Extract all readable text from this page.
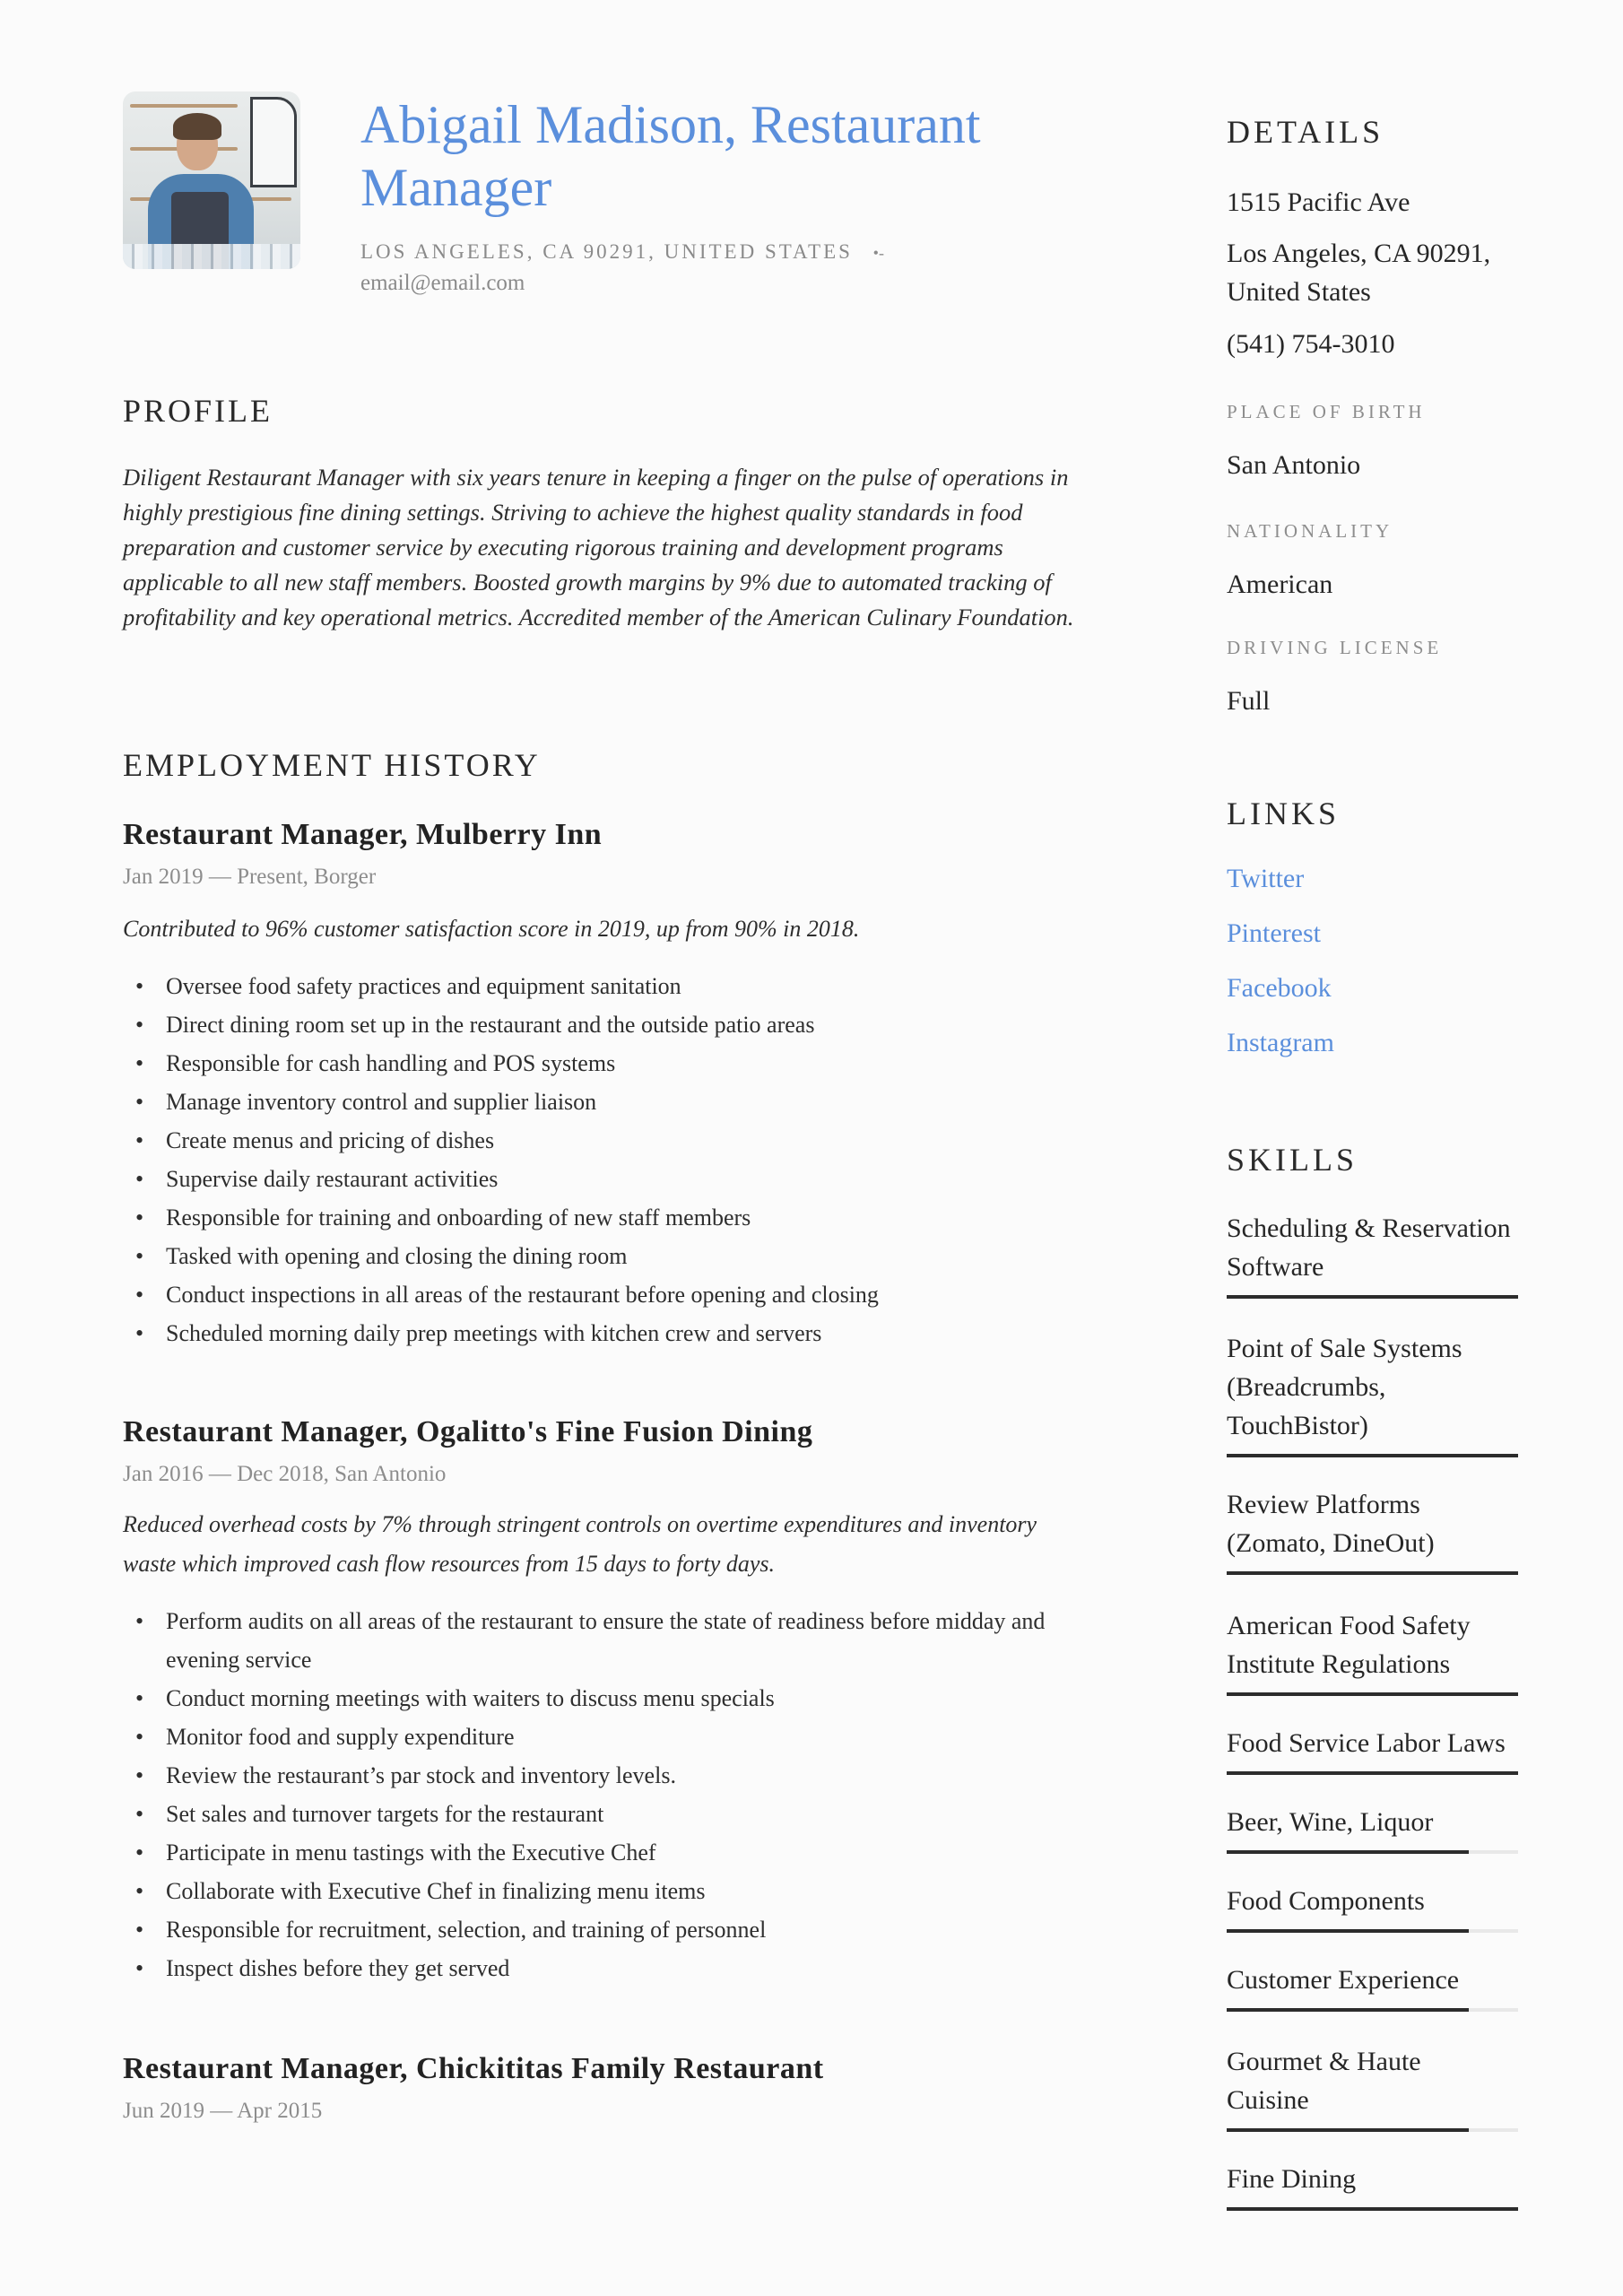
Abigail Madison, Restaurant Manager
LOS ANGELES, CA 90291, UNITED STATES •-
email@email.com
PROFILE

Diligent Restaurant Manager with six years tenure in keeping a finger on the pulse of operations in highly prestigious fine dining settings. Striving to achieve the highest quality standards in food preparation and customer service by executing rigorous training and development programs applicable to all new staff members. Boosted growth margins by 9% due to automated tracking of profitability and key operational metrics. Accredited member of the American Culinary Foundation.

EMPLOYMENT HISTORY
Restaurant Manager, Mulberry Inn
Jan 2019 — Present, Borger

Contributed to 96% customer satisfaction score in 2019, up from 90% in 2018.

• Oversee food safety practices and equipment sanitation
• Direct dining room set up in the restaurant and the outside patio areas
• Responsible for cash handling and POS systems
• Manage inventory control and supplier liaison
• Create menus and pricing of dishes
• Supervise daily restaurant activities
• Responsible for training and onboarding of new staff members
• Tasked with opening and closing the dining room
• Conduct inspections in all areas of the restaurant before opening and closing
• Scheduled morning daily prep meetings with kitchen crew and servers
Restaurant Manager, Ogalitto's Fine Fusion Dining
Jan 2016 — Dec 2018, San Antonio

Reduced overhead costs by 7% through stringent controls on overtime expenditures and inventory waste which improved cash flow resources from 15 days to forty days.

• Perform audits on all areas of the restaurant to ensure the state of readiness before midday and evening service
• Conduct morning meetings with waiters to discuss menu specials
• Monitor food and supply expenditure
• Review the restaurant’s par stock and inventory levels.
• Set sales and turnover targets for the restaurant
• Participate in menu tastings with the Executive Chef
• Collaborate with Executive Chef in finalizing menu items
• Responsible for recruitment, selection, and training of personnel
• Inspect dishes before they get served
Restaurant Manager, Chickititas Family Restaurant
Jun 2019 — Apr 2015
DETAILS
1515 Pacific Ave
Los Angeles, CA 90291, United States
(541) 754-3010
PLACE OF BIRTH
San Antonio
NATIONALITY
American
DRIVING LICENSE
Full
LINKS
Twitter
Pinterest
Facebook
Instagram
SKILLS
Scheduling & Reservation Software
Point of Sale Systems (Breadcrumbs, TouchBistor)
Review Platforms (Zomato, DineOut)
American Food Safety Institute Regulations
Food Service Labor Laws
Beer, Wine, Liquor
Food Components
Customer Experience
Gourmet & Haute Cuisine
Fine Dining
